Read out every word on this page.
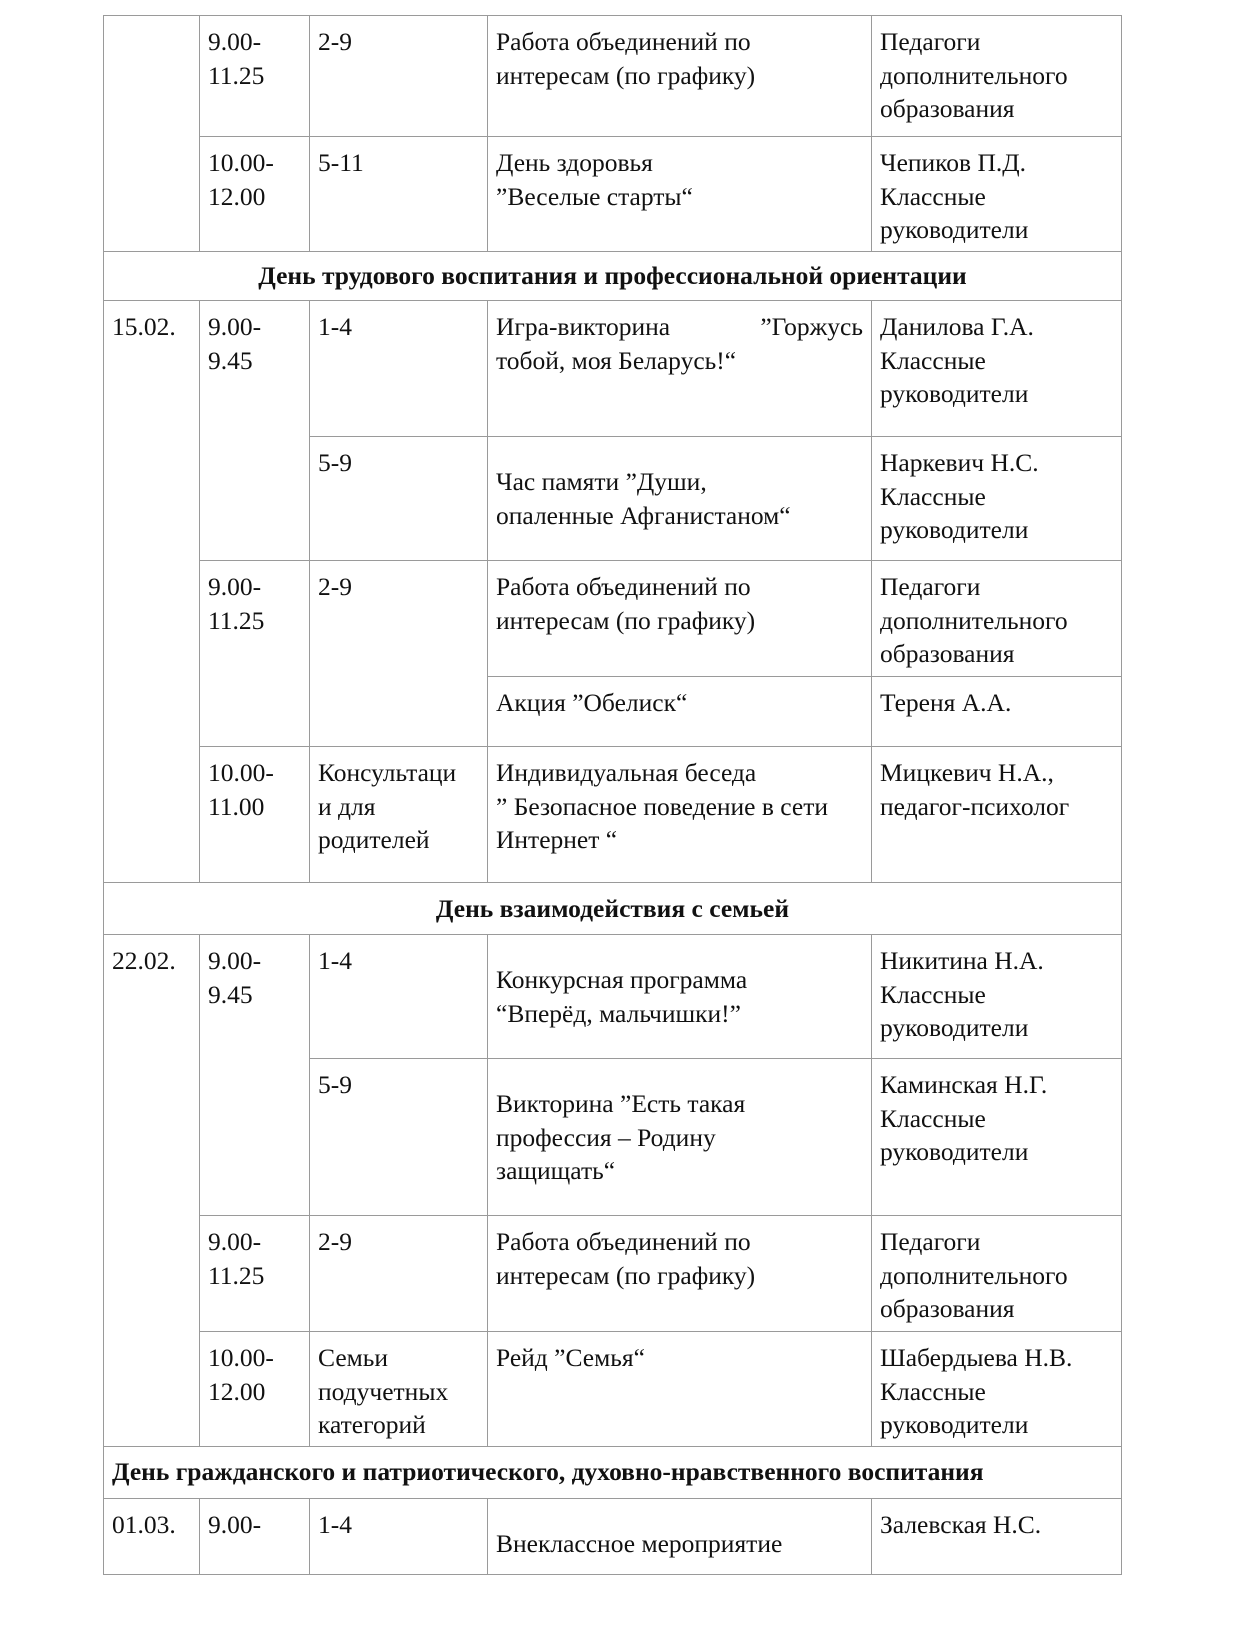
	9.00-
11.25	2-9	Работа объединений по
интересам (по графику)	Педагоги
дополнительного
образования

	10.00-
12.00	5-11	День здоровья
”Веселые старты“	Чепиков П.Д.
Классные
руководители

День трудового воспитания и профессиональной ориентации				
15.02.	9.00-
9.45	1-4	Игра-викторина ”Горжусь
тобой, моя Беларусь!“	Данилова Г.А.
Классные
руководители

		5-9	Час памяти ”Души,
опаленные Афганистаном“	Наркевич Н.С.
Классные
руководители

	9.00-
11.25	2-9	Работа объединений по
интересам (по графику)	Педагоги
дополнительного
образования

			Акция ”Обелиск“	Тереня А.А.

	10.00-
11.00	Консультаци
и для
родителей	Индивидуальная беседа
” Безопасное поведение в сети
Интернет “	Мицкевич Н.А.,
педагог-психолог

День взаимодействия с семьей				
22.02.	9.00-
9.45	1-4	Конкурсная программа
“Вперёд, мальчишки!”	Никитина Н.А.
Классные
руководители

		5-9	Викторина ”Есть такая
профессия – Родину
защищать“	Каминская Н.Г.
Классные
руководители

	9.00-
11.25	2-9	Работа объединений по
интересам (по графику)	Педагоги
дополнительного
образования

	10.00-
12.00	Семьи
подучетных
категорий	Рейд ”Семья“	Шабердыева Н.В.
Классные
руководители

День гражданского и патриотического, духовно-нравственного воспитания				
01.03.	9.00-	1-4	Внеклассное мероприятие	Залевская Н.С.
